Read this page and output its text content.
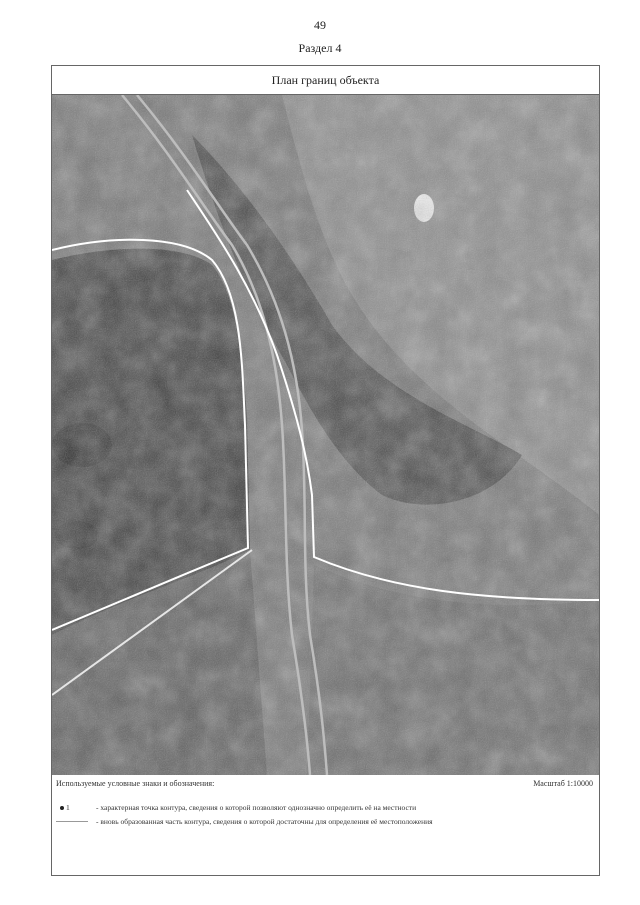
49
Раздел 4
План границ объекта
Используемые условные знаки и обозначения:	Масштаб 1:10000
1	- характерная точка контура, сведения о которой позволяют однозначно определить её на местности
- вновь образованная часть контура, сведения о которой достаточны для определения её местоположения
